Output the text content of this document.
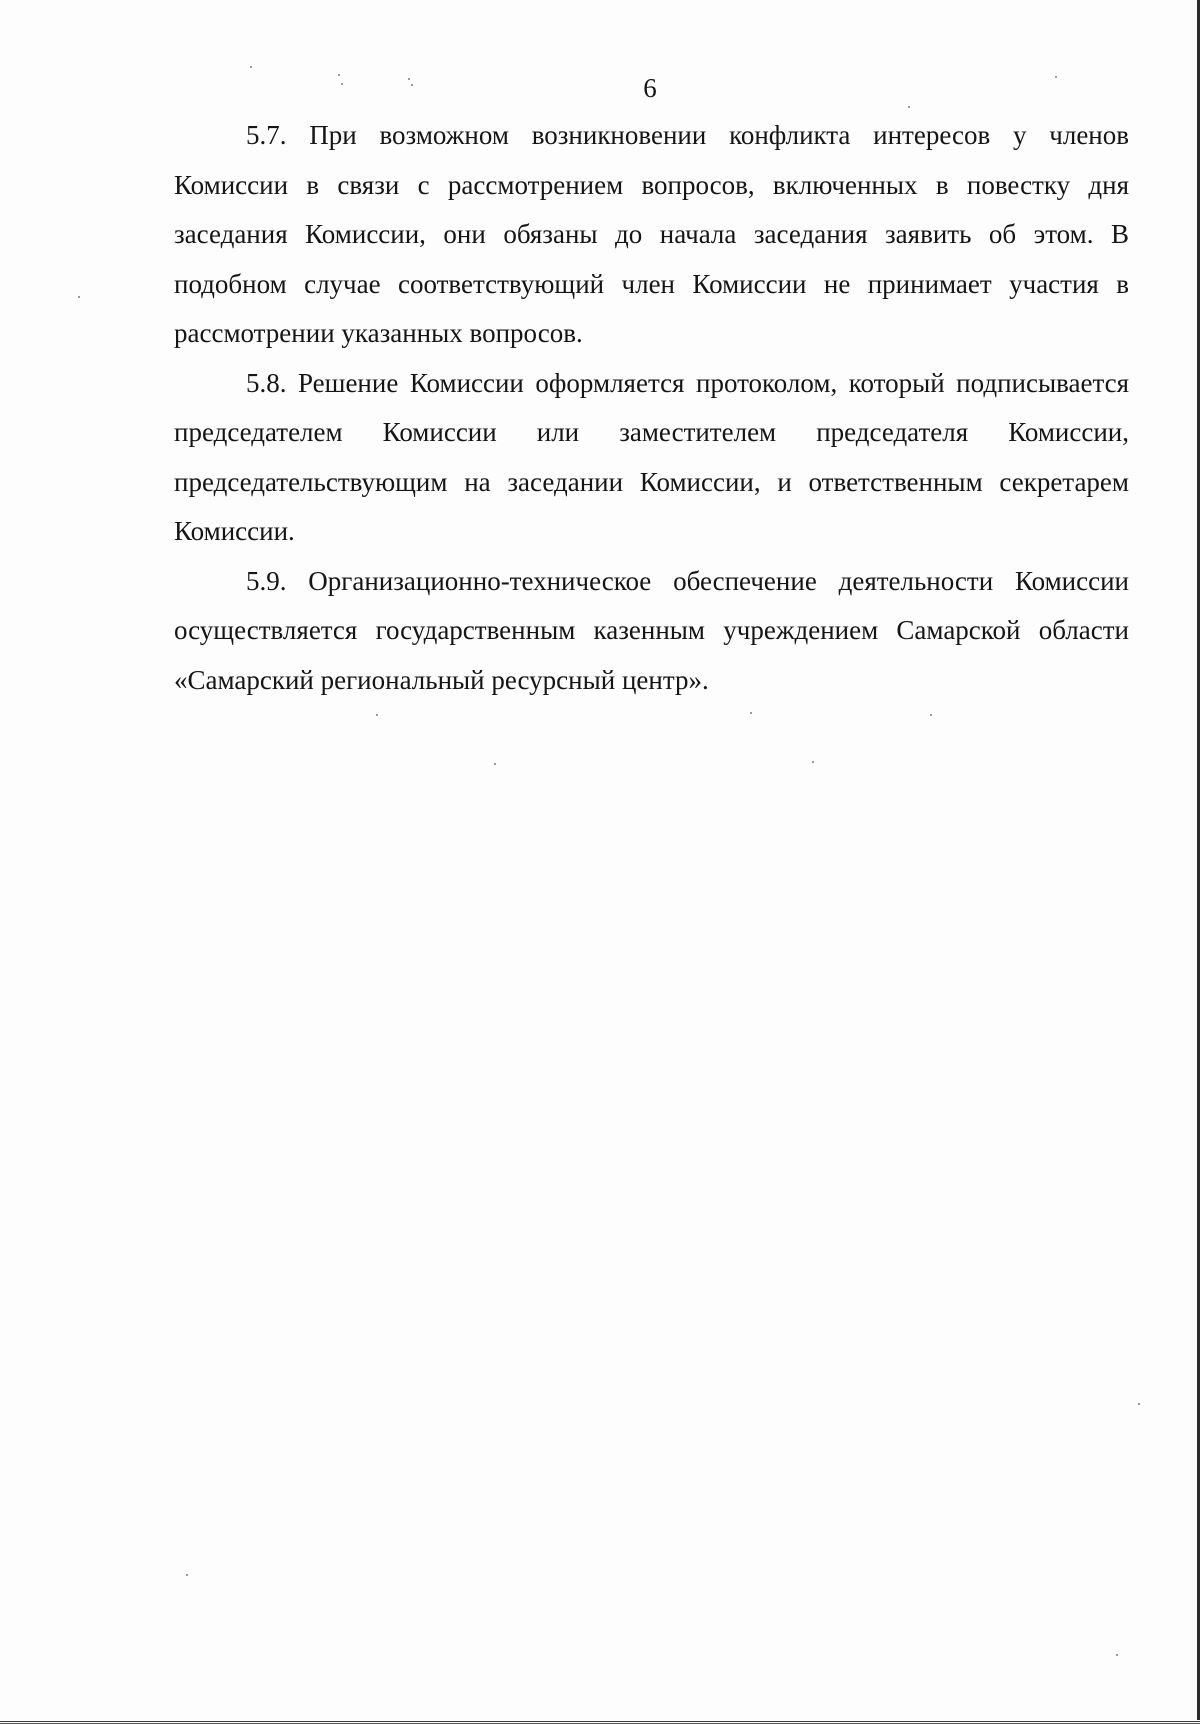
6

5.7. При возможном возникновении конфликта интересов у членов Комиссии в связи с рассмотрением вопросов, включенных в повестку дня заседания Комиссии, они обязаны до начала заседания заявить об этом. В подобном случае соответствующий член Комиссии не принимает участия в рассмотрении указанных вопросов.

5.8. Решение Комиссии оформляется протоколом, который подписывается председателем Комиссии или заместителем председателя Комиссии, председательствующим на заседании Комиссии, и ответственным секретарем Комиссии.

5.9. Организационно-техническое обеспечение деятельности Комиссии осуществляется государственным казенным учреждением Самарской области «Самарский региональный ресурсный центр».
